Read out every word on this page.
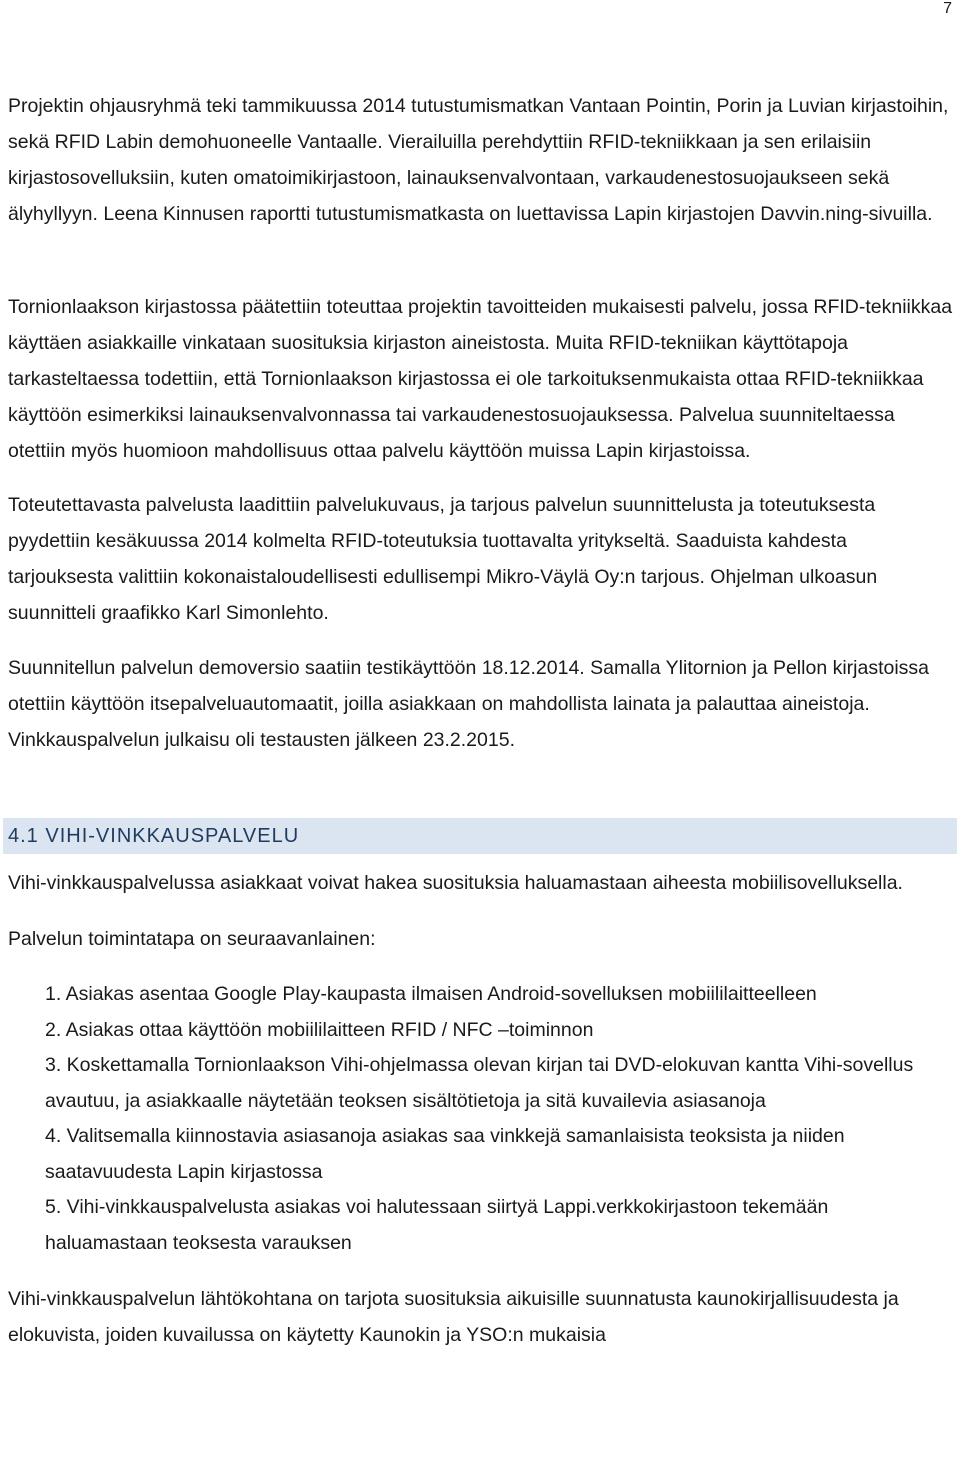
7

Projektin ohjausryhmä teki tammikuussa 2014 tutustumismatkan Vantaan Pointin, Porin ja Luvian kirjastoihin, sekä RFID Labin demohuoneelle Vantaalle. Vierailuilla perehdyttiin RFID-tekniikkaan ja sen erilaisiin kirjastosovelluksiin, kuten omatoimikirjastoon, lainauksenvalvontaan, varkaudenestosuojaukseen sekä älyhyllyyn. Leena Kinnusen raportti tutustumismatkasta on luettavissa Lapin kirjastojen Davvin.ning-sivuilla.

Tornionlaakson kirjastossa päätettiin toteuttaa projektin tavoitteiden mukaisesti palvelu, jossa RFID-tekniikkaa käyttäen asiakkaille vinkataan suosituksia kirjaston aineistosta. Muita RFID-tekniikan käyttötapoja tarkasteltaessa todettiin, että Tornionlaakson kirjastossa ei ole tarkoituksenmukaista ottaa RFID-tekniikkaa käyttöön esimerkiksi lainauksenvalvonnassa tai varkaudenestosuojauksessa. Palvelua suunniteltaessa otettiin myös huomioon mahdollisuus ottaa palvelu käyttöön muissa Lapin kirjastoissa.

Toteutettavasta palvelusta laadittiin palvelukuvaus, ja tarjous palvelun suunnittelusta ja toteutuksesta pyydettiin kesäkuussa 2014 kolmelta RFID-toteutuksia tuottavalta yritykseltä. Saaduista kahdesta tarjouksesta valittiin kokonaistaloudellisesti edullisempi Mikro-Väylä Oy:n tarjous. Ohjelman ulkoasun suunnitteli graafikko Karl Simonlehto.

Suunnitellun palvelun demoversio saatiin testikäyttöön 18.12.2014. Samalla Ylitornion ja Pellon kirjastoissa otettiin käyttöön itsepalveluautomaatit, joilla asiakkaan on mahdollista lainata ja palauttaa aineistoja. Vinkkauspalvelun julkaisu oli testausten jälkeen 23.2.2015.

4.1 VIHI-VINKKAUSPALVELU

Vihi-vinkkauspalvelussa asiakkaat voivat hakea suosituksia haluamastaan aiheesta mobiilisovelluksella.

Palvelun toimintatapa on seuraavanlainen:

1. Asiakas asentaa Google Play-kaupasta ilmaisen Android-sovelluksen mobiililaitteelleen
2. Asiakas ottaa käyttöön mobiililaitteen RFID / NFC –toiminnon
3. Koskettamalla Tornionlaakson Vihi-ohjelmassa olevan kirjan tai DVD-elokuvan kantta Vihi-sovellus avautuu, ja asiakkaalle näytetään teoksen sisältötietoja ja sitä kuvailevia asiasanoja
4. Valitsemalla kiinnostavia asiasanoja asiakas saa vinkkejä samanlaisista teoksista ja niiden saatavuudesta Lapin kirjastossa
5. Vihi-vinkkauspalvelusta asiakas voi halutessaan siirtyä Lappi.verkkokirjastoon tekemään haluamastaan teoksesta varauksen

Vihi-vinkkauspalvelun lähtökohtana on tarjota suosituksia aikuisille suunnatusta kaunokirjallisuudesta ja elokuvista, joiden kuvailussa on käytetty Kaunokin ja YSO:n mukaisia
